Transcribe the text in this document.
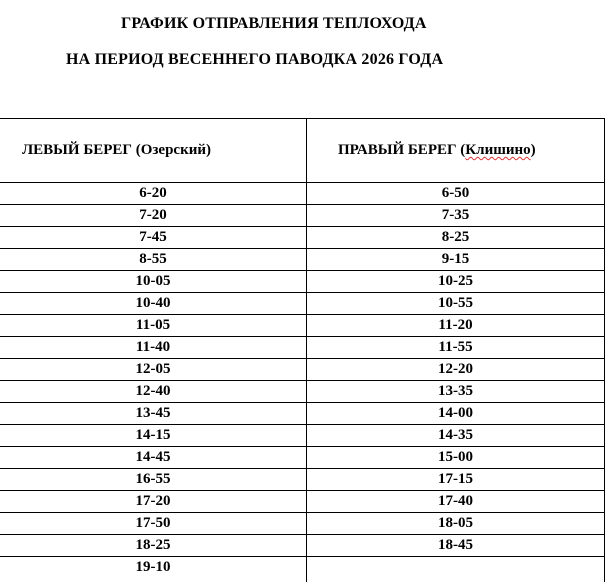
ГРАФИК ОТПРАВЛЕНИЯ ТЕПЛОХОДА
НА ПЕРИОД ВЕСЕННЕГО ПАВОДКА 2026 ГОДА
ЛЕВЫЙ БЕРЕГ (Озерский)	ПРАВЫЙ БЕРЕГ (Клишино)
6-20	6-50
7-20	7-35
7-45	8-25
8-55	9-15
10-05	10-25
10-40	10-55
11-05	11-20
11-40	11-55
12-05	12-20
12-40	13-35
13-45	14-00
14-15	14-35
14-45	15-00
16-55	17-15
17-20	17-40
17-50	18-05
18-25	18-45
19-10
